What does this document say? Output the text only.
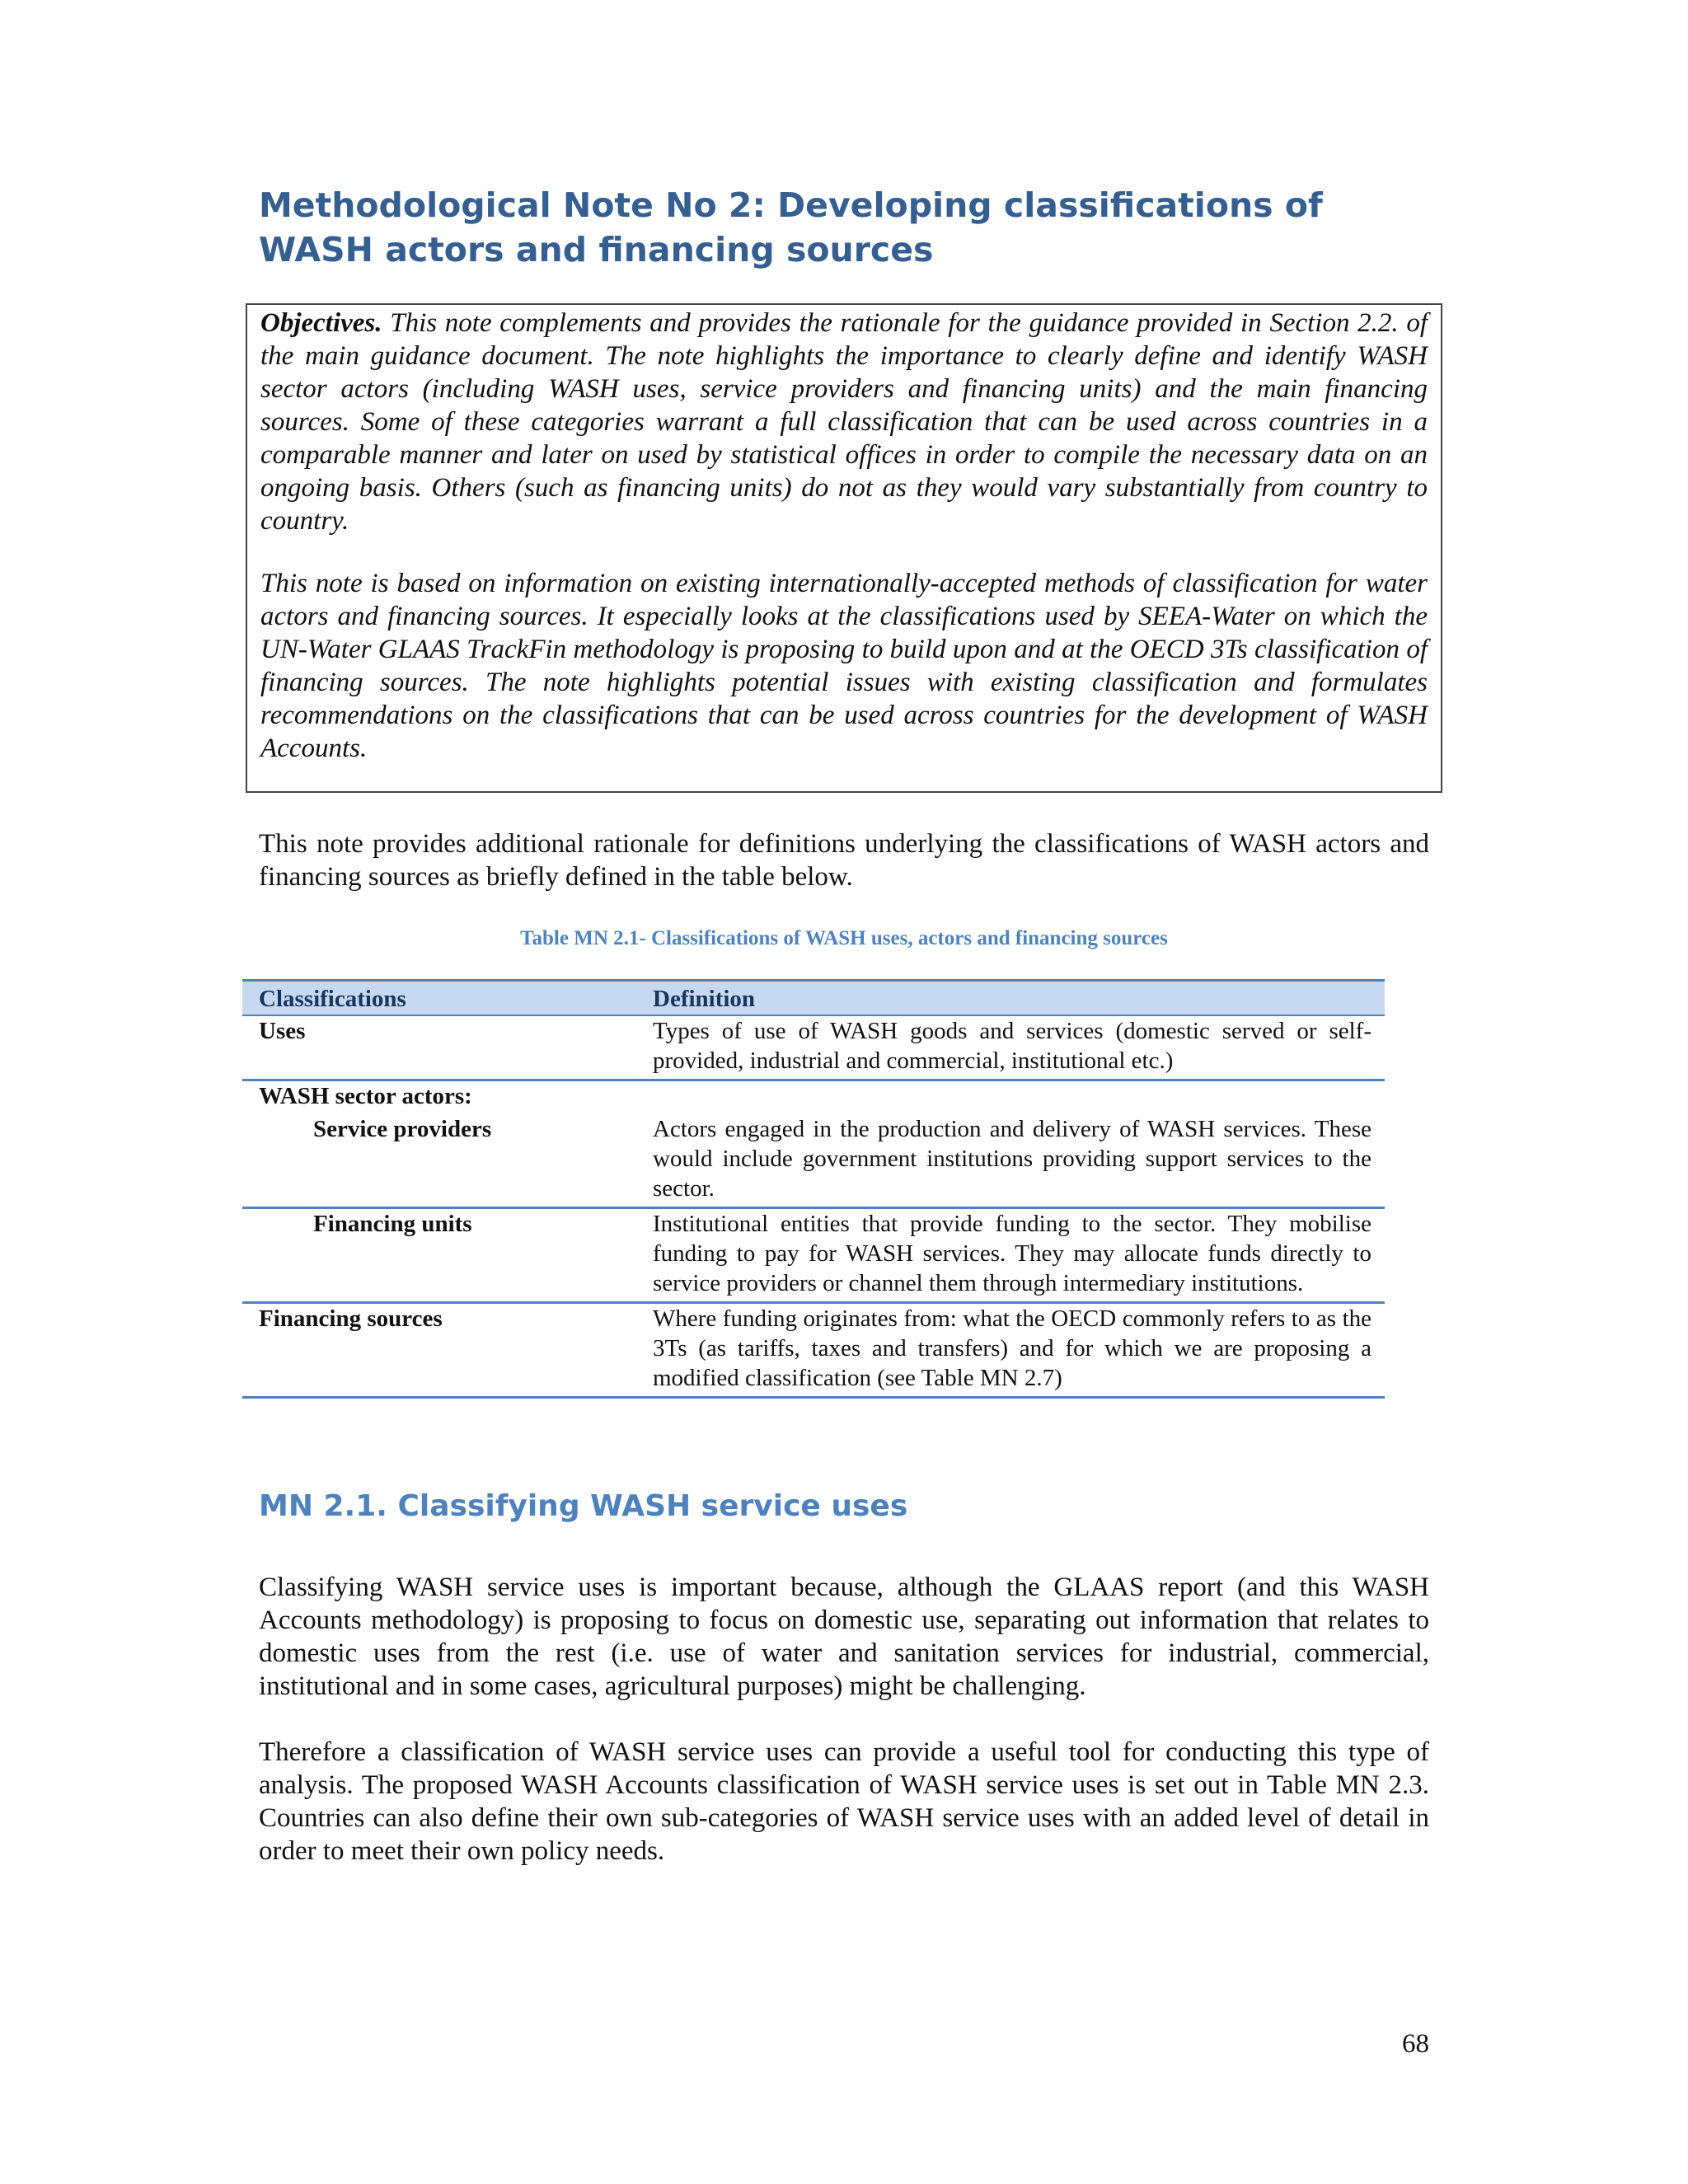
Methodological Note No 2: Developing classifications of WASH actors and financing sources

Objectives. This note complements and provides the rationale for the guidance provided in Section 2.2. of the main guidance document. The note highlights the importance to clearly define and identify WASH sector actors (including WASH uses, service providers and financing units) and the main financing sources. Some of these categories warrant a full classification that can be used across countries in a comparable manner and later on used by statistical offices in order to compile the necessary data on an ongoing basis. Others (such as financing units) do not as they would vary substantially from country to country.

This note is based on information on existing internationally-accepted methods of classification for water actors and financing sources. It especially looks at the classifications used by SEEA-Water on which the UN-Water GLAAS TrackFin methodology is proposing to build upon and at the OECD 3Ts classification of financing sources. The note highlights potential issues with existing classification and formulates recommendations on the classifications that can be used across countries for the development of WASH Accounts.

This note provides additional rationale for definitions underlying the classifications of WASH actors and financing sources as briefly defined in the table below.

Table MN 2.1- Classifications of WASH uses, actors and financing sources

Classifications	Definition
Uses	Types of use of WASH goods and services (domestic served or self-provided, industrial and commercial, institutional etc.)
WASH sector actors:	
Service providers	Actors engaged in the production and delivery of WASH services. These would include government institutions providing support services to the sector.
Financing units	Institutional entities that provide funding to the sector. They mobilise funding to pay for WASH services. They may allocate funds directly to service providers or channel them through intermediary institutions.
Financing sources	Where funding originates from: what the OECD commonly refers to as the 3Ts (as tariffs, taxes and transfers) and for which we are proposing a modified classification (see Table MN 2.7)
MN 2.1. Classifying WASH service uses

Classifying WASH service uses is important because, although the GLAAS report (and this WASH Accounts methodology) is proposing to focus on domestic use, separating out information that relates to domestic uses from the rest (i.e. use of water and sanitation services for industrial, commercial, institutional and in some cases, agricultural purposes) might be challenging.

Therefore a classification of WASH service uses can provide a useful tool for conducting this type of analysis. The proposed WASH Accounts classification of WASH service uses is set out in Table MN 2.3. Countries can also define their own sub-categories of WASH service uses with an added level of detail in order to meet their own policy needs.

68
